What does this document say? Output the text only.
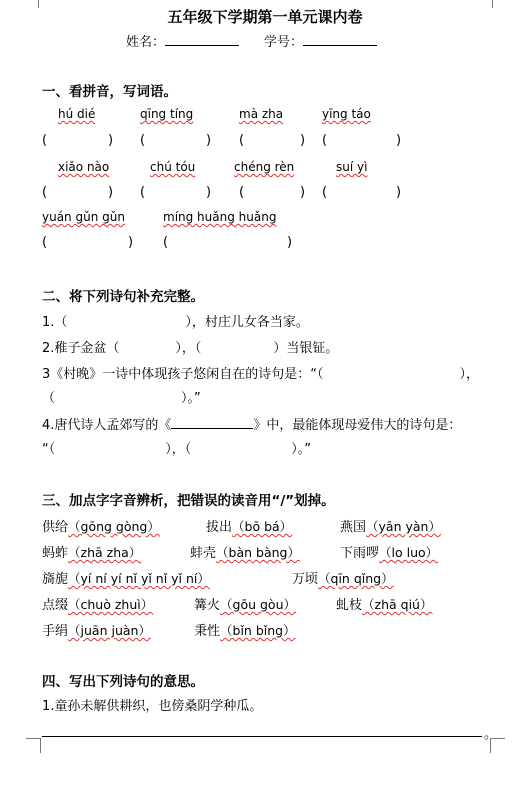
五年级下学期第一单元课内卷
姓名：	学号：
一、看拼音，写词语。
hú dié	qīng tíng	mà zha	yīng táo
(	) (	) (	) (	)
xiǎo nào	chú tóu	chéng rèn	suí yì
(	) (	) (	) (	)
yuán gǔn gǔn	míng huǎng huǎng
(	) (	)
二、将下列诗句补充完整。
1.（	），村庄儿女各当家。
2.稚子金盆（	），（	）当银钲。
3《村晚》一诗中体现孩子悠闲自在的诗句是：“（	），
（	）。”
4.唐代诗人孟郊写的《	》中，最能体现母爱伟大的诗句是：
“（	），（	）。”
三、加点字字音辨析，把错误的读音用“/”划掉。
供给（gōng gòng）	拔出（bō bá）	燕国（yān yàn）
蚂蚱（zhā zha）	蚌壳（bàn bàng）	下雨啰（lo luo）
旖旎（yí ní yí nǐ yǐ nǐ yǐ ní）	万顷（qīn qǐng）
点缀（chuò zhuì）	篝火（gōu gòu）	虬枝（zhā qiú）
手绢（juān juàn）	秉性（bǐn bǐng）
四、写出下列诗句的意思。
1.童孙未解供耕织，也傍桑阴学种瓜。
。
